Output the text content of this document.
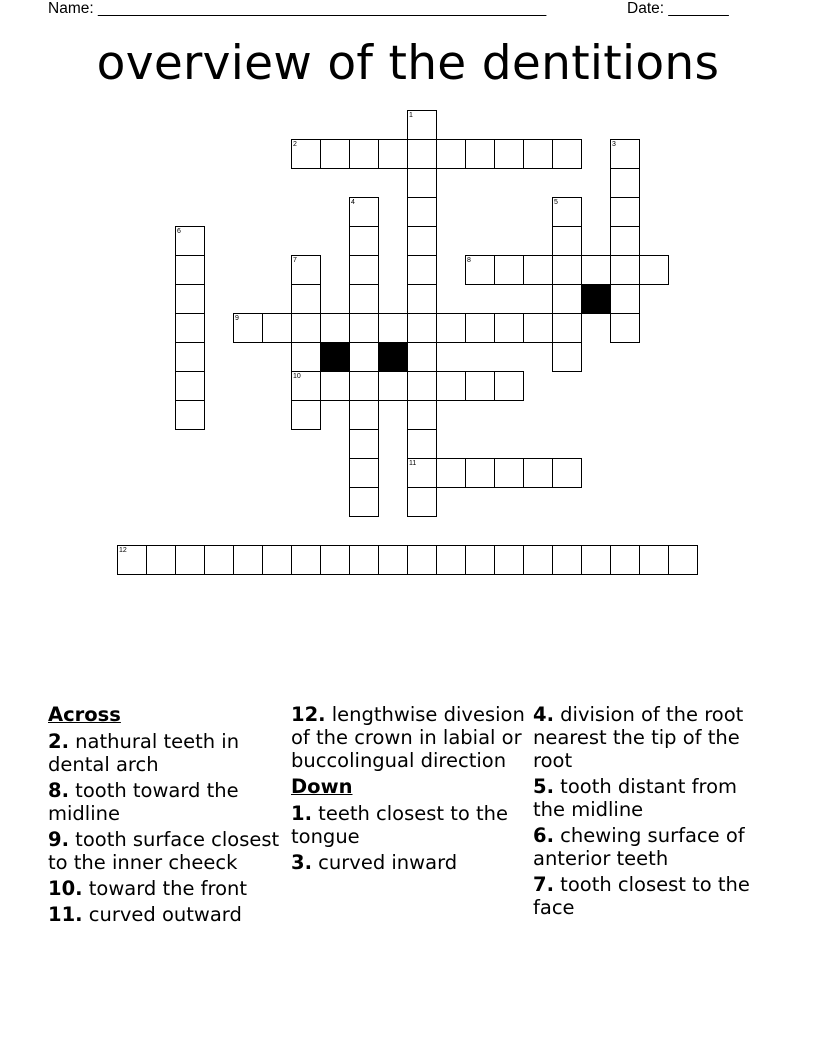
Name: ____________________________________________________	Date: _______
overview of the dentitions
1
2	3
4	5
6
7	8
9
10
11
12
Across
2. nathural teeth in dental arch
8. tooth toward the midline
9. tooth surface closest to the inner cheeck
10. toward the front
11. curved outward
12. lengthwise divesion of the crown in labial or buccolingual direction
Down
1. teeth closest to the tongue
3. curved inward
4. division of the root nearest the tip of the root
5. tooth distant from the midline
6. chewing surface of anterior teeth
7. tooth closest to the face
